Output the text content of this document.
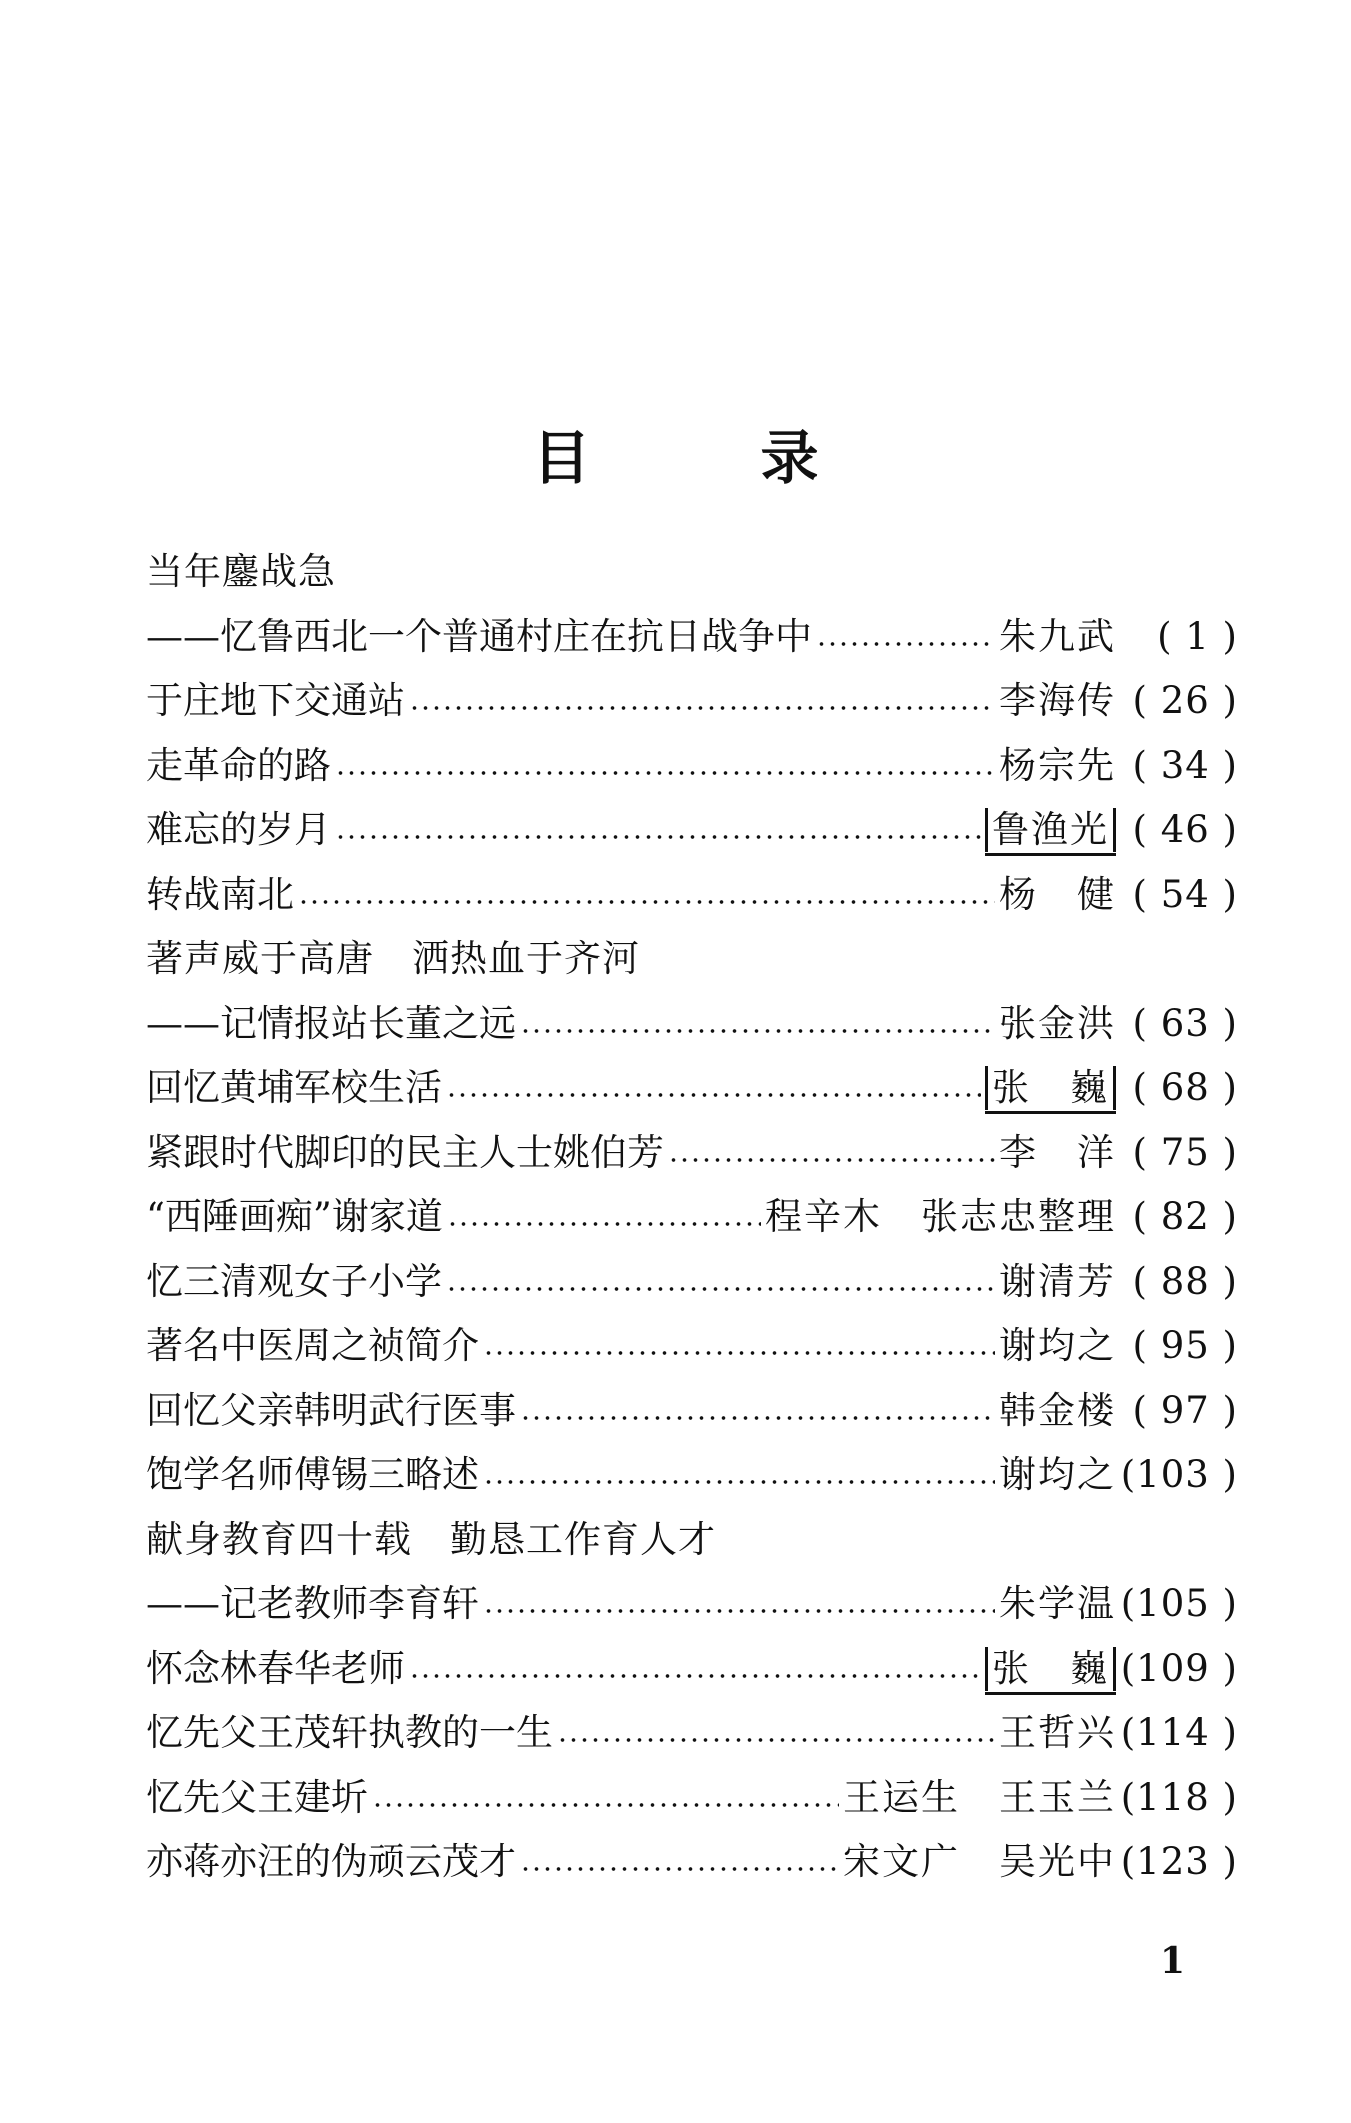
目	录
当年鏖战急
——忆鲁西北一个普通村庄在抗日战争中	朱九武	( 1 )
于庄地下交通站	李海传 ( 26 )
走革命的路	杨宗先 ( 34 )
难忘的岁月	鲁渔光 ( 46 )
转战南北	杨　健 ( 54 )
著声威于高唐　洒热血于齐河
——记情报站长董之远	张金洪 ( 63 )
回忆黄埔军校生活	张　巍 ( 68 )
紧跟时代脚印的民主人士姚伯芳	李　洋 ( 75 )
“西陲画痴”谢家道	程辛木　张志忠整理 ( 82 )
忆三清观女子小学	谢清芳 ( 88 )
著名中医周之祯简介	谢均之 ( 95 )
回忆父亲韩明武行医事	韩金楼 ( 97 )
饱学名师傅锡三略述	谢均之 (103 )
献身教育四十载　勤恳工作育人才
——记老教师李育轩	朱学温 (105 )
怀念林春华老师	张　巍 (109 )
忆先父王茂轩执教的一生	王哲兴 (114 )
忆先父王建圻	王运生　王玉兰 (118 )
亦蒋亦汪的伪顽云茂才	宋文广　吴光中 (123 )
1
